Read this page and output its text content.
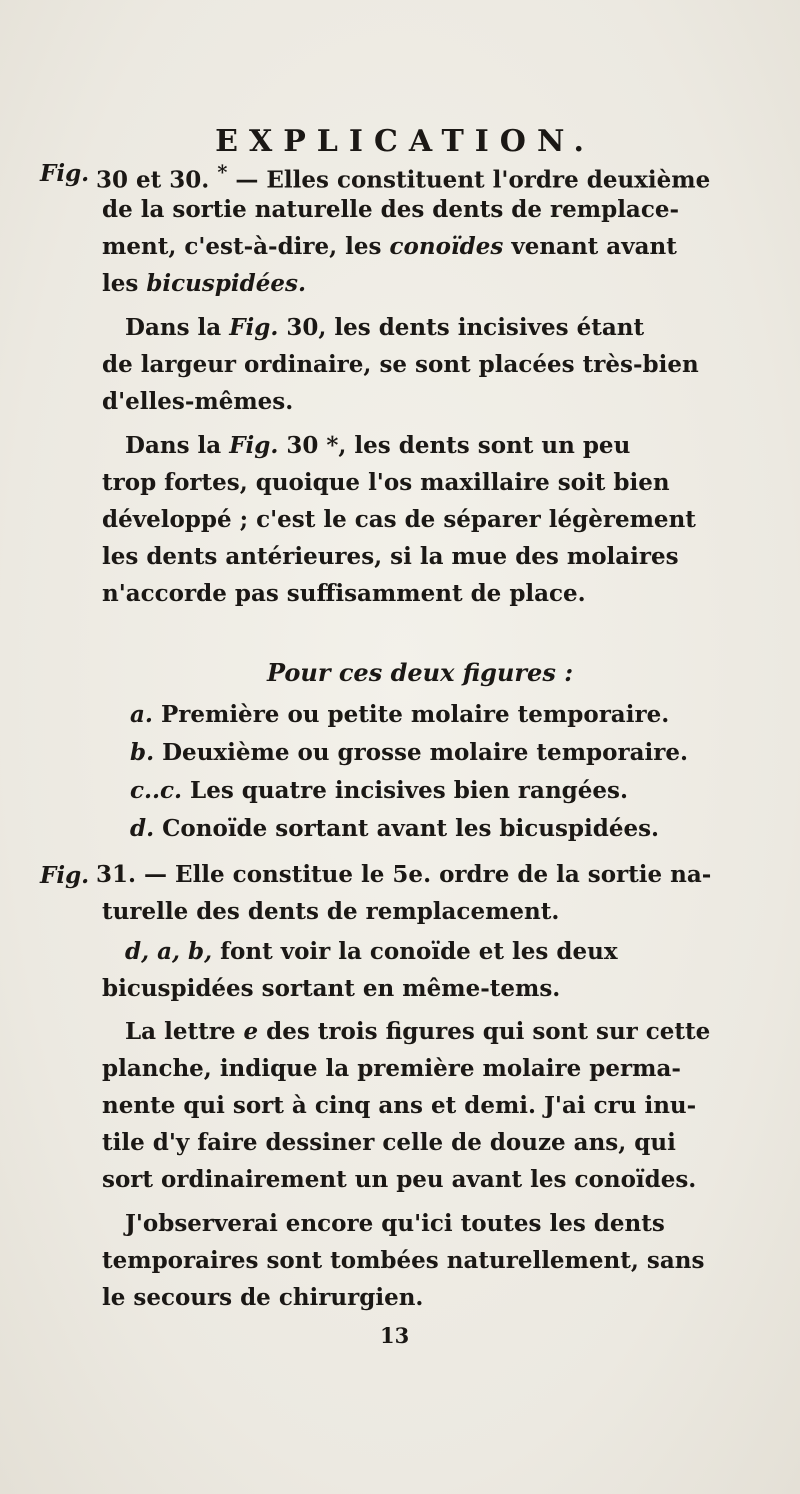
EXPLICATION.
Fig. 30 et 30. * — Elles constituent l'ordre deuxième
de la sortie naturelle des dents de remplace-
ment, c'est-à-dire, les conoïdes venant avant
les bicuspidées.
Dans la Fig. 30, les dents incisives étant
de largeur ordinaire, se sont placées très-bien
d'elles-mêmes.
Dans la Fig. 30 *, les dents sont un peu
trop fortes, quoique l'os maxillaire soit bien
développé ; c'est le cas de séparer légèrement
les dents antérieures, si la mue des molaires
n'accorde pas suffisamment de place.
Pour ces deux figures :
a. Première ou petite molaire temporaire.
b. Deuxième ou grosse molaire temporaire.
c..c. Les quatre incisives bien rangées.
d. Conoïde sortant avant les bicuspidées.
Fig. 31. — Elle constitue le 5e. ordre de la sortie na-
turelle des dents de remplacement.
d, a, b, font voir la conoïde et les deux
bicuspidées sortant en même-tems.
La lettre e des trois figures qui sont sur cette
planche, indique la première molaire perma-
nente qui sort à cinq ans et demi. J'ai cru inu-
tile d'y faire dessiner celle de douze ans, qui
sort ordinairement un peu avant les conoïdes.
J'observerai encore qu'ici toutes les dents
temporaires sont tombées naturellement, sans
le secours de chirurgien.
13
